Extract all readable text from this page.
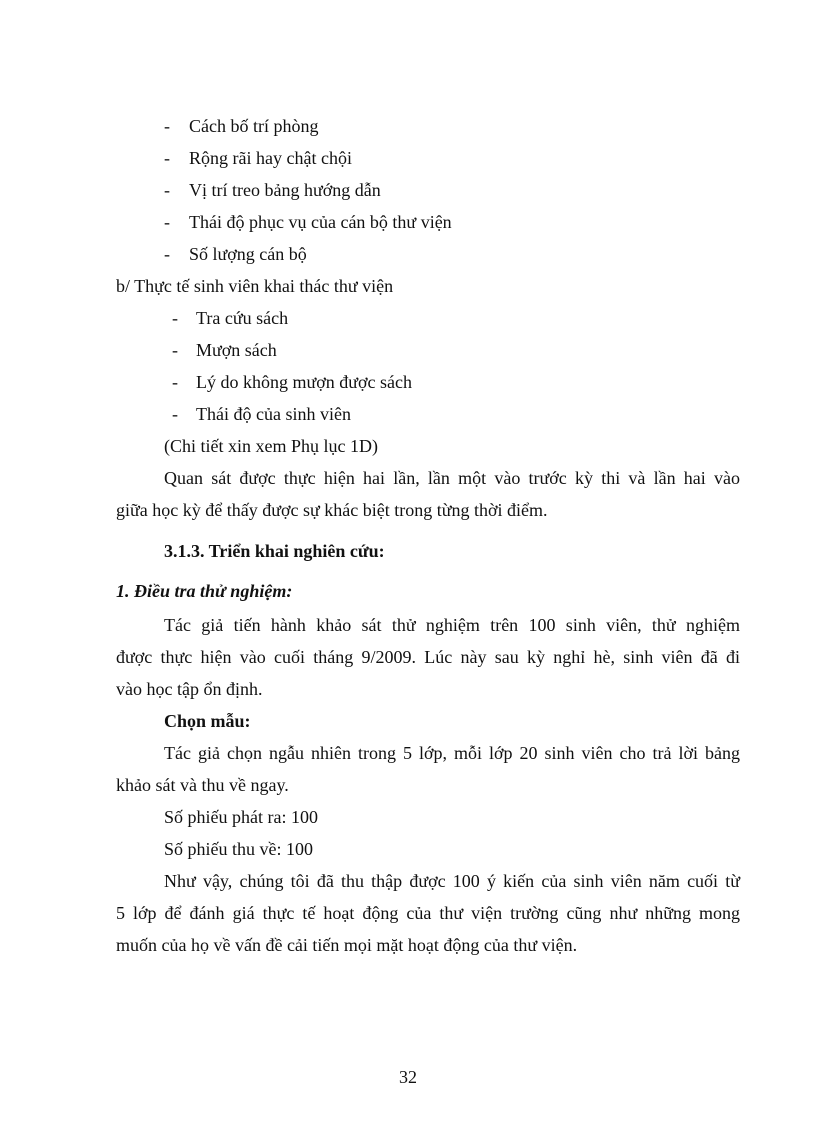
- Cách bố trí phòng
- Rộng rãi hay chật chội
- Vị trí treo bảng hướng dẫn
- Thái độ phục vụ của cán bộ thư viện
- Số lượng cán bộ
b/ Thực tế sinh viên khai thác thư viện
- Tra cứu sách
- Mượn sách
- Lý do không mượn được sách
- Thái độ của sinh viên
(Chi tiết xin xem Phụ lục 1D)
Quan sát được thực hiện hai lần, lần một vào trước kỳ thi và lần hai vào
giữa học kỳ để thấy được sự khác biệt trong từng thời điểm.
3.1.3. Triển khai nghiên cứu:
1. Điều tra thử nghiệm:
Tác giả tiến hành khảo sát thử nghiệm trên 100 sinh viên, thử nghiệm
được thực hiện vào cuối tháng 9/2009. Lúc này sau kỳ nghỉ hè, sinh viên đã đi
vào học tập ổn định.
Chọn mẫu:
Tác giả chọn ngẫu nhiên trong 5 lớp, mỗi lớp 20 sinh viên cho trả lời bảng
khảo sát và thu về ngay.
Số phiếu phát ra: 100
Số phiếu thu về: 100
Như vậy, chúng tôi đã thu thập được 100 ý kiến của sinh viên năm cuối từ
5 lớp để đánh giá thực tế hoạt động của thư viện trường cũng như những mong
muốn của họ về vấn đề cải tiến mọi mặt hoạt động của thư viện.
32
